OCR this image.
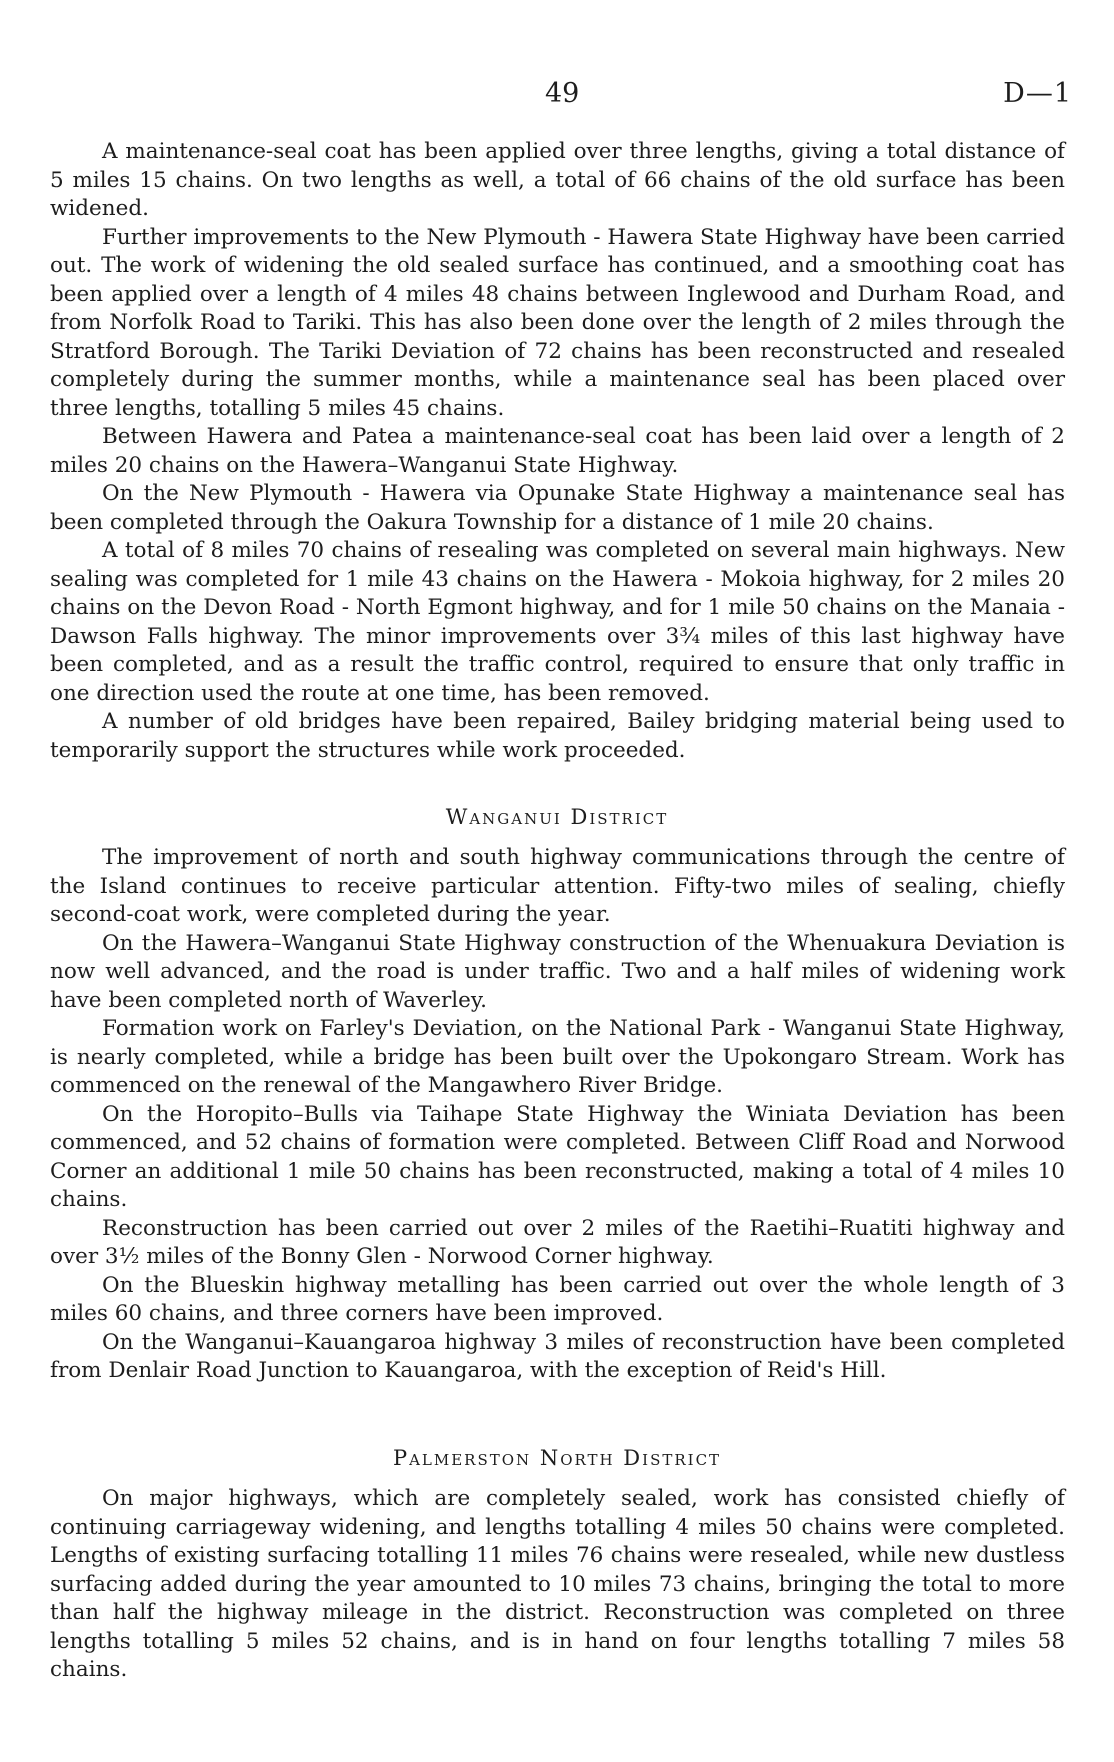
49	D—1

A maintenance-seal coat has been applied over three lengths, giving a total distance of 5 miles 15 chains. On two lengths as well, a total of 66 chains of the old surface has been widened.

Further improvements to the New Plymouth - Hawera State Highway have been carried out. The work of widening the old sealed surface has continued, and a smoothing coat has been applied over a length of 4 miles 48 chains between Inglewood and Durham Road, and from Norfolk Road to Tariki. This has also been done over the length of 2 miles through the Stratford Borough. The Tariki Deviation of 72 chains has been reconstructed and resealed completely during the summer months, while a maintenance seal has been placed over three lengths, totalling 5 miles 45 chains.

Between Hawera and Patea a maintenance-seal coat has been laid over a length of 2 miles 20 chains on the Hawera–Wanganui State Highway.

On the New Plymouth - Hawera via Opunake State Highway a maintenance seal has been completed through the Oakura Township for a distance of 1 mile 20 chains.

A total of 8 miles 70 chains of resealing was completed on several main highways. New sealing was completed for 1 mile 43 chains on the Hawera - Mokoia highway, for 2 miles 20 chains on the Devon Road - North Egmont highway, and for 1 mile 50 chains on the Manaia - Dawson Falls highway. The minor improvements over 3¾ miles of this last highway have been completed, and as a result the traffic control, required to ensure that only traffic in one direction used the route at one time, has been removed.

A number of old bridges have been repaired, Bailey bridging material being used to temporarily support the structures while work proceeded.

Wanganui District

The improvement of north and south highway communications through the centre of the Island continues to receive particular attention. Fifty-two miles of sealing, chiefly second-coat work, were completed during the year.

On the Hawera–Wanganui State Highway construction of the Whenuakura Deviation is now well advanced, and the road is under traffic. Two and a half miles of widening work have been completed north of Waverley.

Formation work on Farley's Deviation, on the National Park - Wanganui State Highway, is nearly completed, while a bridge has been built over the Upokongaro Stream. Work has commenced on the renewal of the Mangawhero River Bridge.

On the Horopito–Bulls via Taihape State Highway the Winiata Deviation has been commenced, and 52 chains of formation were completed. Between Cliff Road and Norwood Corner an additional 1 mile 50 chains has been reconstructed, making a total of 4 miles 10 chains.

Reconstruction has been carried out over 2 miles of the Raetihi–Ruatiti highway and over 3½ miles of the Bonny Glen - Norwood Corner highway.

On the Blueskin highway metalling has been carried out over the whole length of 3 miles 60 chains, and three corners have been improved.

On the Wanganui–Kauangaroa highway 3 miles of reconstruction have been completed from Denlair Road Junction to Kauangaroa, with the exception of Reid's Hill.

Palmerston North District

On major highways, which are completely sealed, work has consisted chiefly of continuing carriageway widening, and lengths totalling 4 miles 50 chains were completed. Lengths of existing surfacing totalling 11 miles 76 chains were resealed, while new dustless surfacing added during the year amounted to 10 miles 73 chains, bringing the total to more than half the highway mileage in the district. Reconstruction was completed on three lengths totalling 5 miles 52 chains, and is in hand on four lengths totalling 7 miles 58 chains.
